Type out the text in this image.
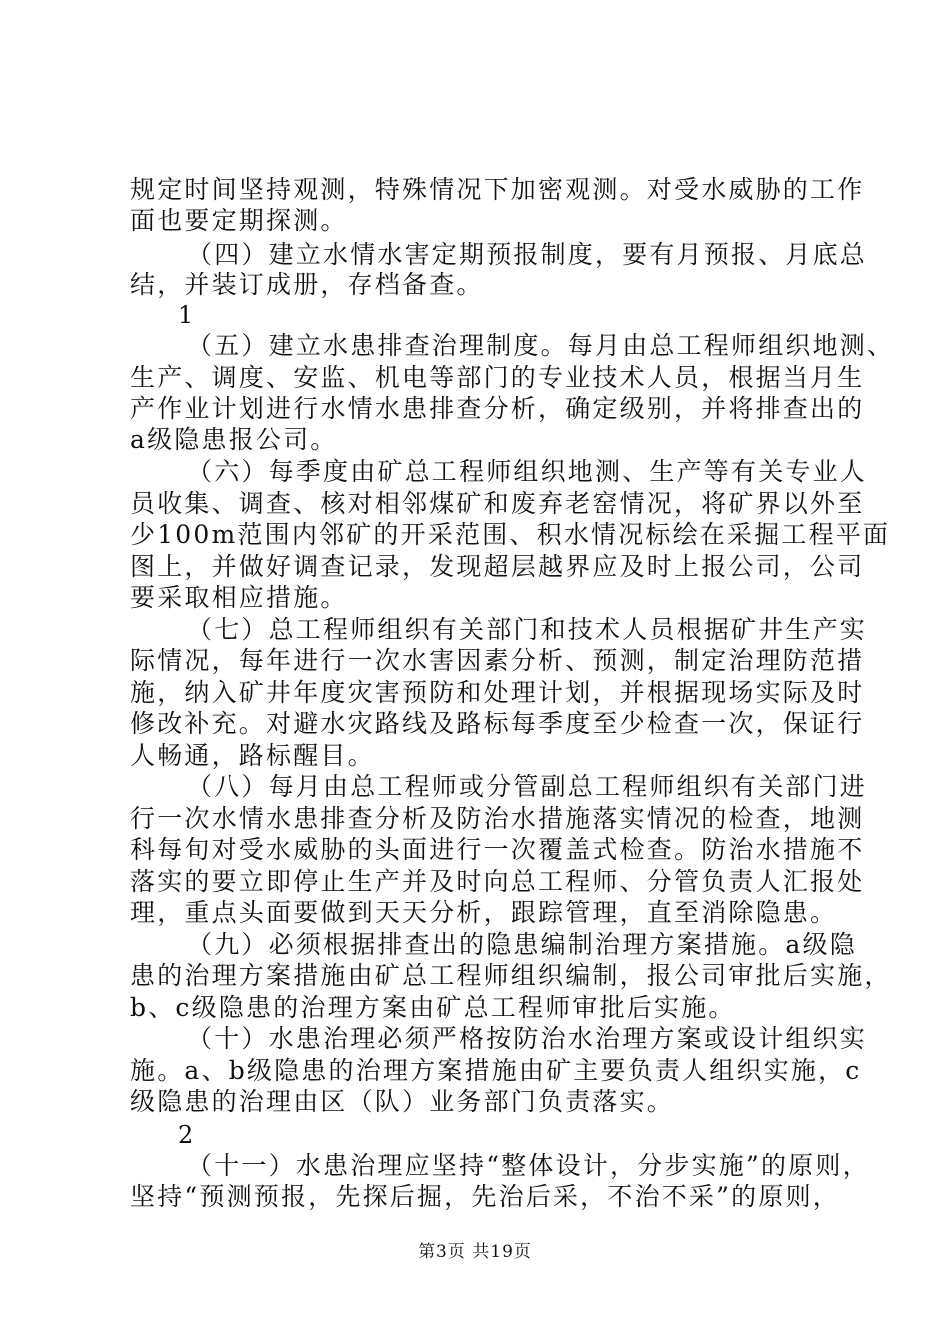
规定时间坚持观测，特殊情况下加密观测。对受水威胁的工作
面也要定期探测。
（四）建立水情水害定期预报制度，要有月预报、月底总
结，并装订成册，存档备查。
1
（五）建立水患排查治理制度。每月由总工程师组织地测、
生产、调度、安监、机电等部门的专业技术人员，根据当月生
产作业计划进行水情水患排查分析，确定级别，并将排查出的
a级隐患报公司。
（六）每季度由矿总工程师组织地测、生产等有关专业人
员收集、调查、核对相邻煤矿和废弃老窑情况，将矿界以外至
少100m范围内邻矿的开采范围、积水情况标绘在采掘工程平面
图上，并做好调查记录，发现超层越界应及时上报公司，公司
要采取相应措施。
（七）总工程师组织有关部门和技术人员根据矿井生产实
际情况，每年进行一次水害因素分析、预测，制定治理防范措
施，纳入矿井年度灾害预防和处理计划，并根据现场实际及时
修改补充。对避水灾路线及路标每季度至少检查一次，保证行
人畅通，路标醒目。
（八）每月由总工程师或分管副总工程师组织有关部门进
行一次水情水患排查分析及防治水措施落实情况的检查，地测
科每旬对受水威胁的头面进行一次覆盖式检查。防治水措施不
落实的要立即停止生产并及时向总工程师、分管负责人汇报处
理，重点头面要做到天天分析，跟踪管理，直至消除隐患。
（九）必须根据排查出的隐患编制治理方案措施。a级隐
患的治理方案措施由矿总工程师组织编制，报公司审批后实施，
b、c级隐患的治理方案由矿总工程师审批后实施。
（十）水患治理必须严格按防治水治理方案或设计组织实
施。a、b级隐患的治理方案措施由矿主要负责人组织实施，c
级隐患的治理由区（队）业务部门负责落实。
2
（十一）水患治理应坚持“整体设计，分步实施”的原则，
坚持“预测预报，先探后掘，先治后采，不治不采”的原则，
第3页 共19页
